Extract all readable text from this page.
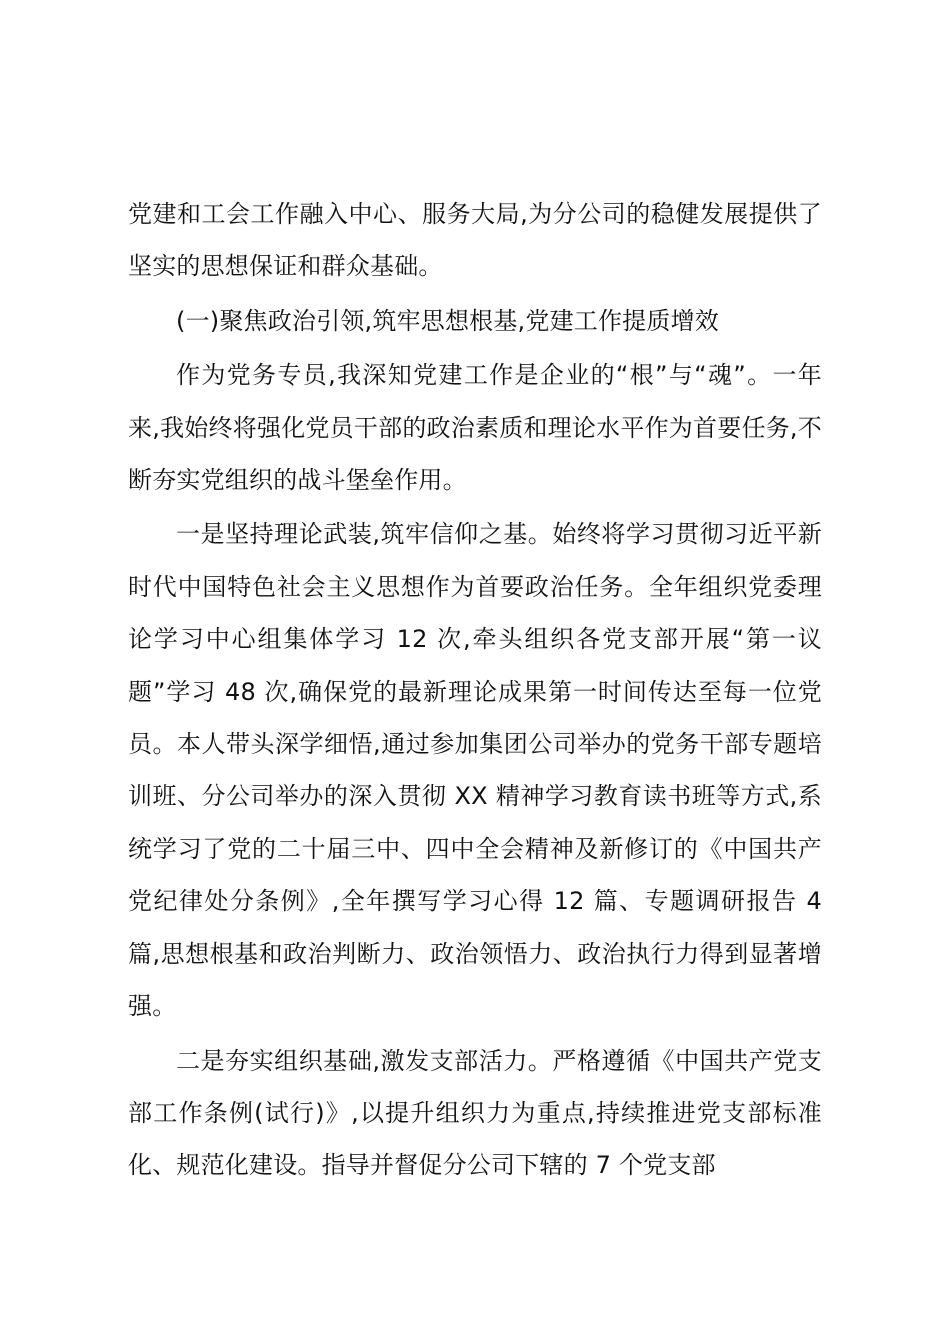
党建和工会工作融入中心、服务大局,为分公司的稳健发展提供了坚实的思想保证和群众基础。

(一)聚焦政治引领,筑牢思想根基,党建工作提质增效

作为党务专员,我深知党建工作是企业的“根”与“魂”。一年来,我始终将强化党员干部的政治素质和理论水平作为首要任务,不断夯实党组织的战斗堡垒作用。

一是坚持理论武装,筑牢信仰之基。始终将学习贯彻习近平新时代中国特色社会主义思想作为首要政治任务。全年组织党委理论学习中心组集体学习 12 次,牵头组织各党支部开展“第一议题”学习 48 次,确保党的最新理论成果第一时间传达至每一位党员。本人带头深学细悟,通过参加集团公司举办的党务干部专题培训班、分公司举办的深入贯彻 XX 精神学习教育读书班等方式,系统学习了党的二十届三中、四中全会精神及新修订的《中国共产党纪律处分条例》,全年撰写学习心得 12 篇、专题调研报告 4 篇,思想根基和政治判断力、政治领悟力、政治执行力得到显著增强。

二是夯实组织基础,激发支部活力。严格遵循《中国共产党支部工作条例(试行)》,以提升组织力为重点,持续推进党支部标准化、规范化建设。指导并督促分公司下辖的 7 个党支部
